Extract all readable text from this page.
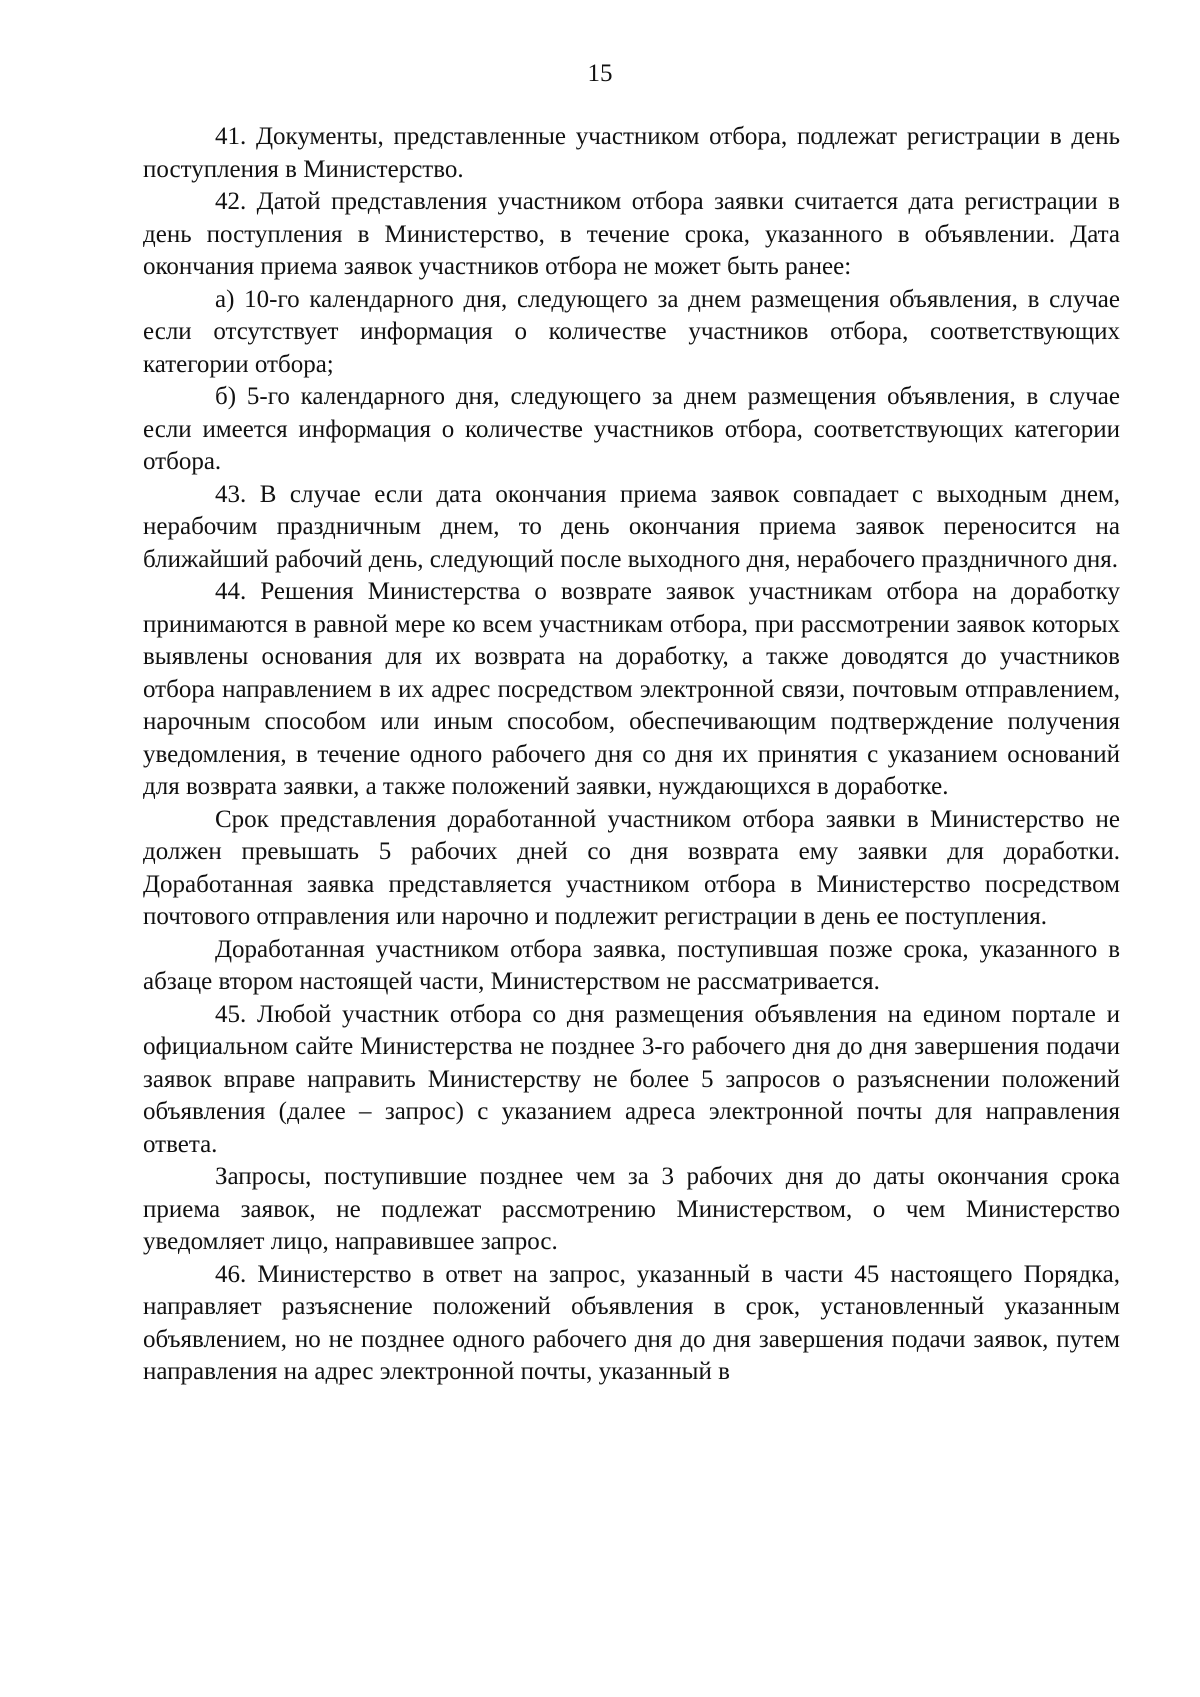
15

41. Документы, представленные участником отбора, подлежат регистрации в день поступления в Министерство.

42. Датой представления участником отбора заявки считается дата регистрации в день поступления в Министерство, в течение срока, указанного в объявлении. Дата окончания приема заявок участников отбора не может быть ранее:

а) 10-го календарного дня, следующего за днем размещения объявления, в случае если отсутствует информация о количестве участников отбора, соответствующих категории отбора;

б) 5-го календарного дня, следующего за днем размещения объявления, в случае если имеется информация о количестве участников отбора, соответствующих категории отбора.

43. В случае если дата окончания приема заявок совпадает с выходным днем, нерабочим праздничным днем, то день окончания приема заявок переносится на ближайший рабочий день, следующий после выходного дня, нерабочего праздничного дня.

44. Решения Министерства о возврате заявок участникам отбора на доработку принимаются в равной мере ко всем участникам отбора, при рассмотрении заявок которых выявлены основания для их возврата на доработку, а также доводятся до участников отбора направлением в их адрес посредством электронной связи, почтовым отправлением, нарочным способом или иным способом, обеспечивающим подтверждение получения уведомления, в течение одного рабочего дня со дня их принятия с указанием оснований для возврата заявки, а также положений заявки, нуждающихся в доработке.

Срок представления доработанной участником отбора заявки в Министерство не должен превышать 5 рабочих дней со дня возврата ему заявки для доработки. Доработанная заявка представляется участником отбора в Министерство посредством почтового отправления или нарочно и подлежит регистрации в день ее поступления.

Доработанная участником отбора заявка, поступившая позже срока, указанного в абзаце втором настоящей части, Министерством не рассматривается.

45. Любой участник отбора со дня размещения объявления на едином портале и официальном сайте Министерства не позднее 3-го рабочего дня до дня завершения подачи заявок вправе направить Министерству не более 5 запросов о разъяснении положений объявления (далее – запрос) с указанием адреса электронной почты для направления ответа.

Запросы, поступившие позднее чем за 3 рабочих дня до даты окончания срока приема заявок, не подлежат рассмотрению Министерством, о чем Министерство уведомляет лицо, направившее запрос.

46. Министерство в ответ на запрос, указанный в части 45 настоящего Порядка, направляет разъяснение положений объявления в срок, установленный указанным объявлением, но не позднее одного рабочего дня до дня завершения подачи заявок, путем направления на адрес электронной почты, указанный в
